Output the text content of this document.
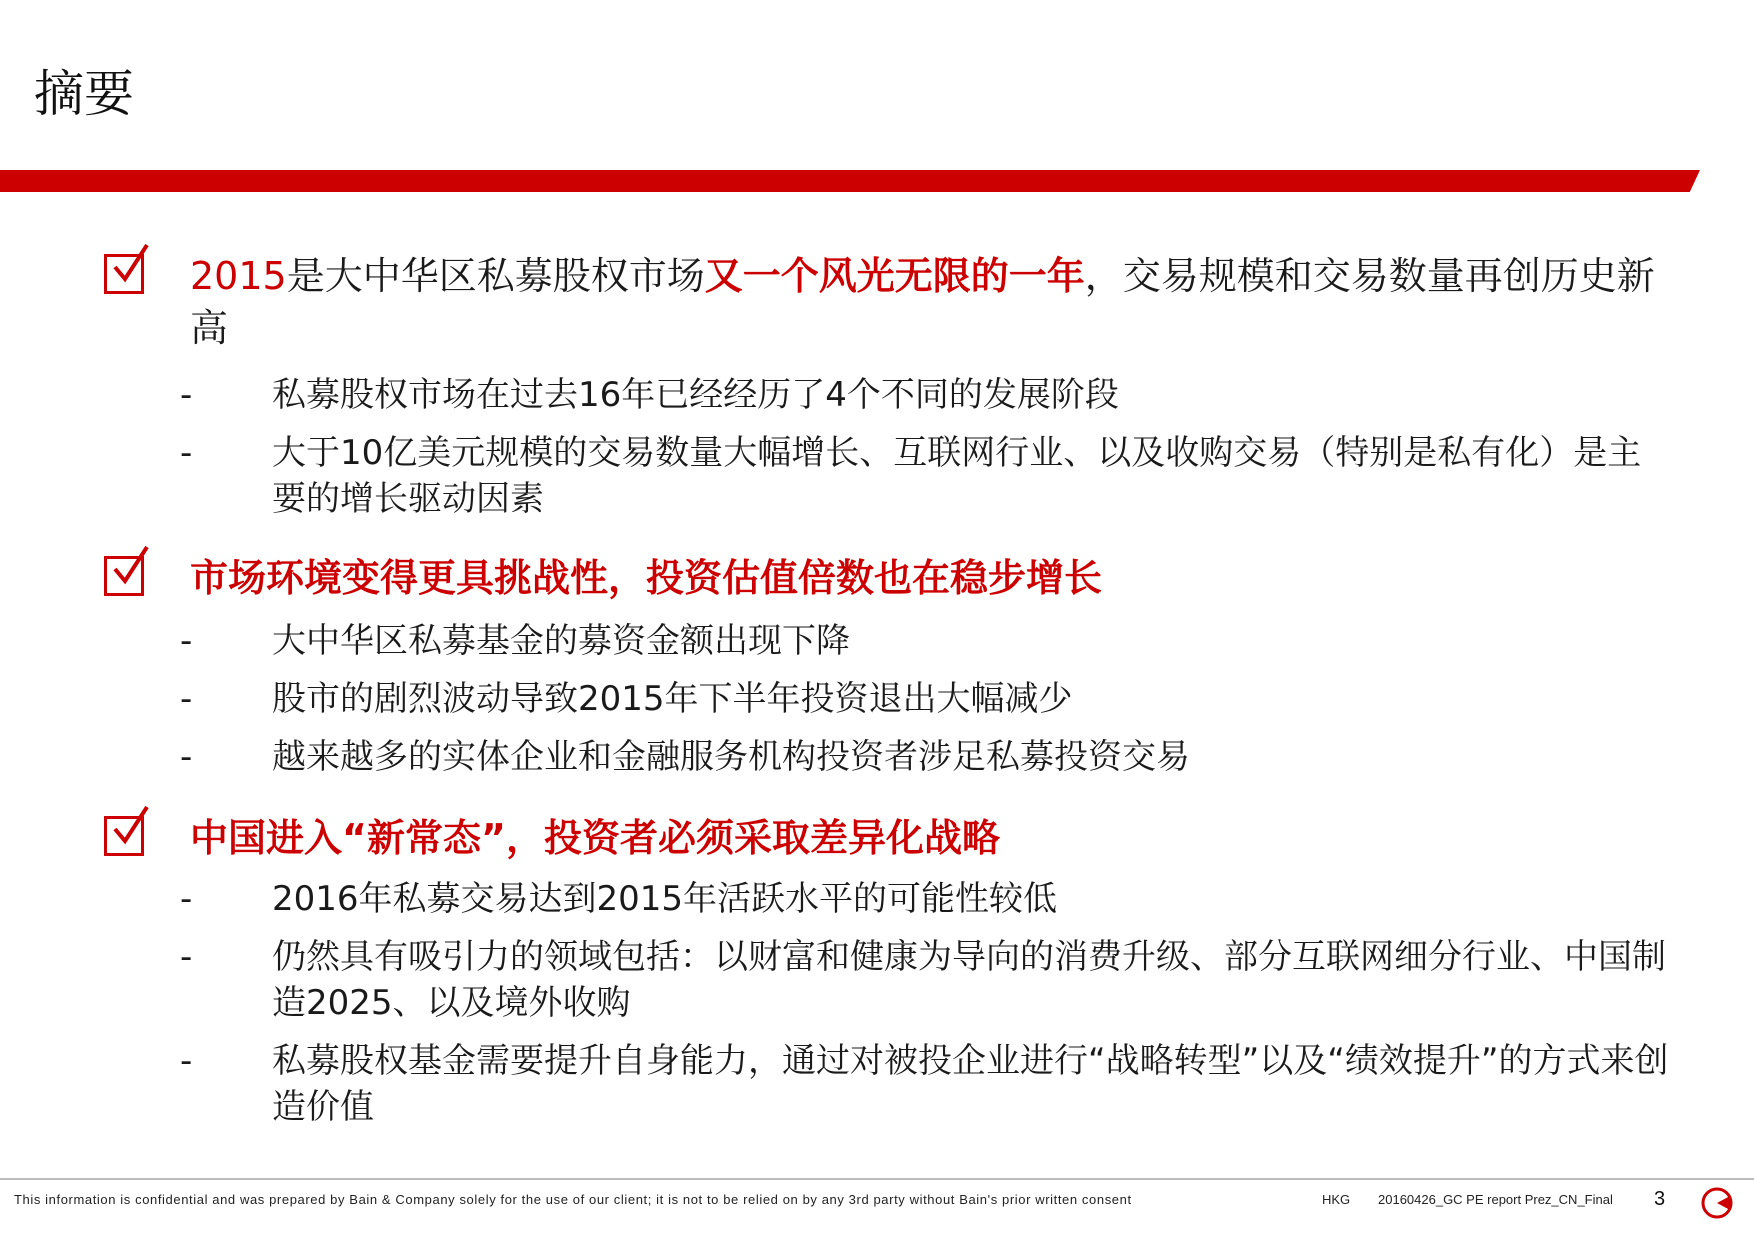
摘要
2015是大中华区私募股权市场又一个风光无限的一年，交易规模和交易数量再创历史新高
- 私募股权市场在过去16年已经经历了4个不同的发展阶段
- 大于10亿美元规模的交易数量大幅增长、互联网行业、以及收购交易（特别是私有化）是主要的增长驱动因素
市场环境变得更具挑战性，投资估值倍数也在稳步增长
- 大中华区私募基金的募资金额出现下降
- 股市的剧烈波动导致2015年下半年投资退出大幅减少
- 越来越多的实体企业和金融服务机构投资者涉足私募投资交易
中国进入“新常态”，投资者必须采取差异化战略
- 2016年私募交易达到2015年活跃水平的可能性较低
- 仍然具有吸引力的领域包括：以财富和健康为导向的消费升级、部分互联网细分行业、中国制造2025、以及境外收购
- 私募股权基金需要提升自身能力，通过对被投企业进行“战略转型”以及“绩效提升”的方式来创造价值
This information is confidential and was prepared by Bain & Company solely for the use of our client; it is not to be relied on by any 3rd party without Bain's prior written consent	HKG 20160426_GC PE report Prez_CN_Final 3
